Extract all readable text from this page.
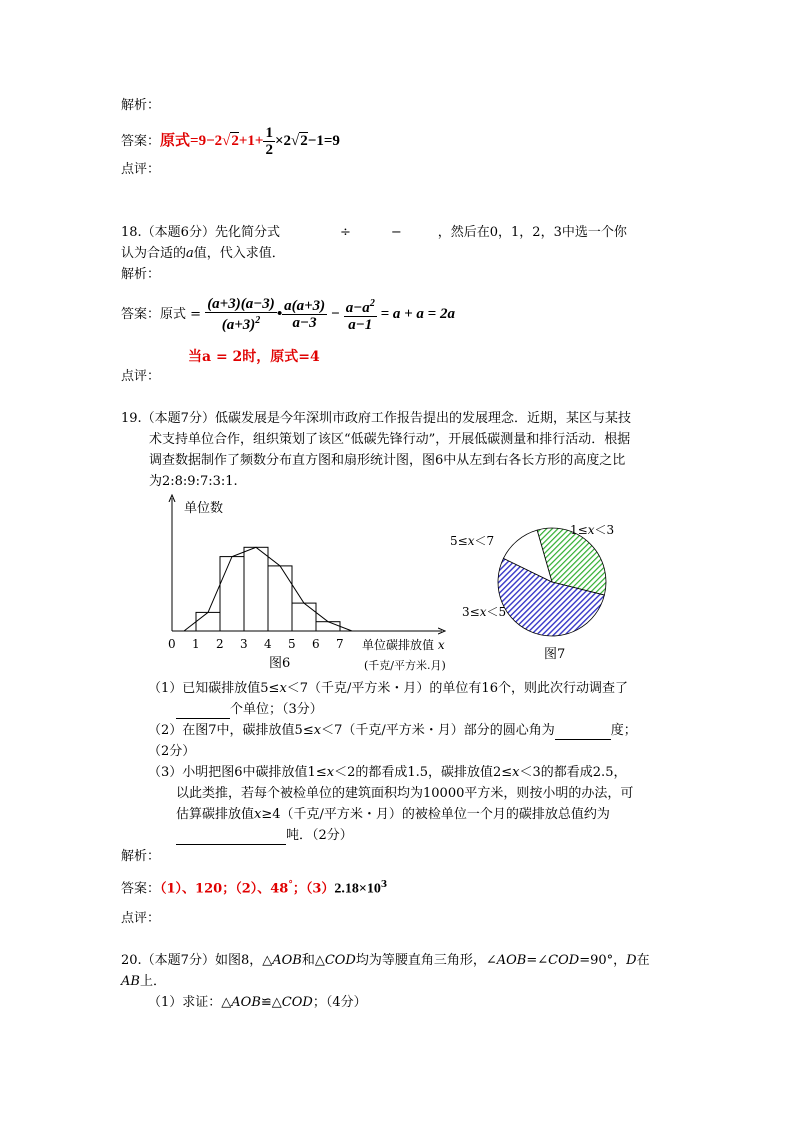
解析：
答案：原式$=9-2√2+1+ \frac{1}{2} \times 2√2-1=9$
点评：
18.（本题6分）先化简分式	÷	−	，然后在0，1，2，3中选一个你
认为合适的a值，代入求值．
解析：
答案：原式 = $\frac{(a+3)(a-3)}{(a+3)^2}$ • $\frac{a(a+3)}{a-3} - \frac{a-a^2}{a-1} = a + a = 2a$
当a = 2时，原式=4
点评：
19.（本题7分）低碳发展是今年深圳市政府工作报告提出的发展理念．近期，某区与某技
术支持单位合作，组织策划了该区“低碳先锋行动”，开展低碳测量和排行活动．根据
调查数据制作了频数分布直方图和扇形统计图，图6中从左到右各长方形的高度之比
为2:8:9:7:3:1.
单位数
0 1 2 3 4 5 6 7 单位碳排放值 x
(千克/平方米.月)
图6
1≤x＜3
3≤x＜5
5≤x＜7
图7
（1）已知碳排放值5≤x＜7（千克/平方米・月）的单位有16个，则此次行动调查了
个单位；（3分）
（2）在图7中，碳排放值5≤x＜7（千克/平方米・月）部分的圆心角为	度；
（2分）
（3）小明把图6中碳排放值1≤x＜2的都看成1.5，碳排放值2≤x＜3的都看成2.5，
以此类推，若每个被检单位的建筑面积均为10000平方米，则按小明的办法，可
估算碳排放值x≥4（千克/平方米・月）的被检单位一个月的碳排放总值约为
吨．（2分）
解析：
答案：（1）、120；（2）、48°；$(3)2.18\times 10^3$
点评：
20.（本题7分）如图8，△AOB和△COD均为等腰直角三角形，∠AOB=∠COD=90°，D在
AB上．
（1）求证：△AOB≌△COD；（4分）
